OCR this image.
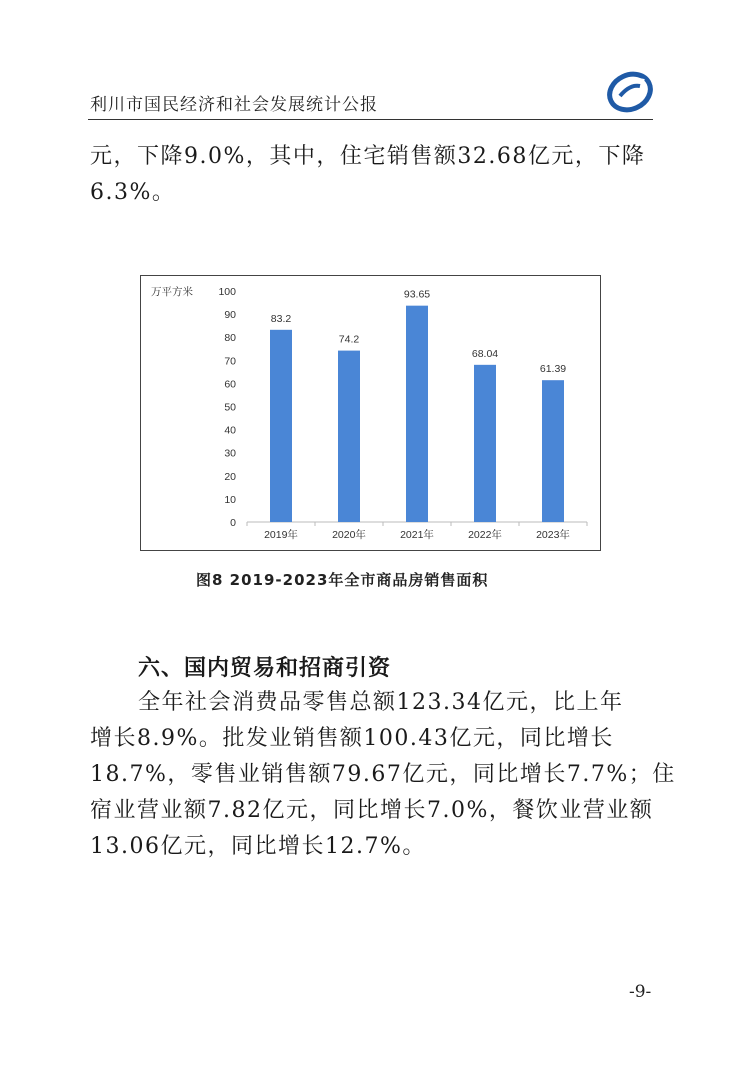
利川市国民经济和社会发展统计公报

元，下降9.0%，其中，住宅销售额32.68亿元，下降
6.3%。

万平方米
0
10
20
30
40
50
60
70
80
90
100
83.2
2019年
74.2
2020年
93.65
2021年
68.04
2022年
61.39
2023年
图8 2019-2023年全市商品房销售面积
六、国内贸易和招商引资

全年社会消费品零售总额123.34亿元，比上年
增长8.9%。批发业销售额100.43亿元，同比增长
18.7%，零售业销售额79.67亿元，同比增长7.7%；住
宿业营业额7.82亿元，同比增长7.0%，餐饮业营业额
13.06亿元，同比增长12.7%。

-9-
